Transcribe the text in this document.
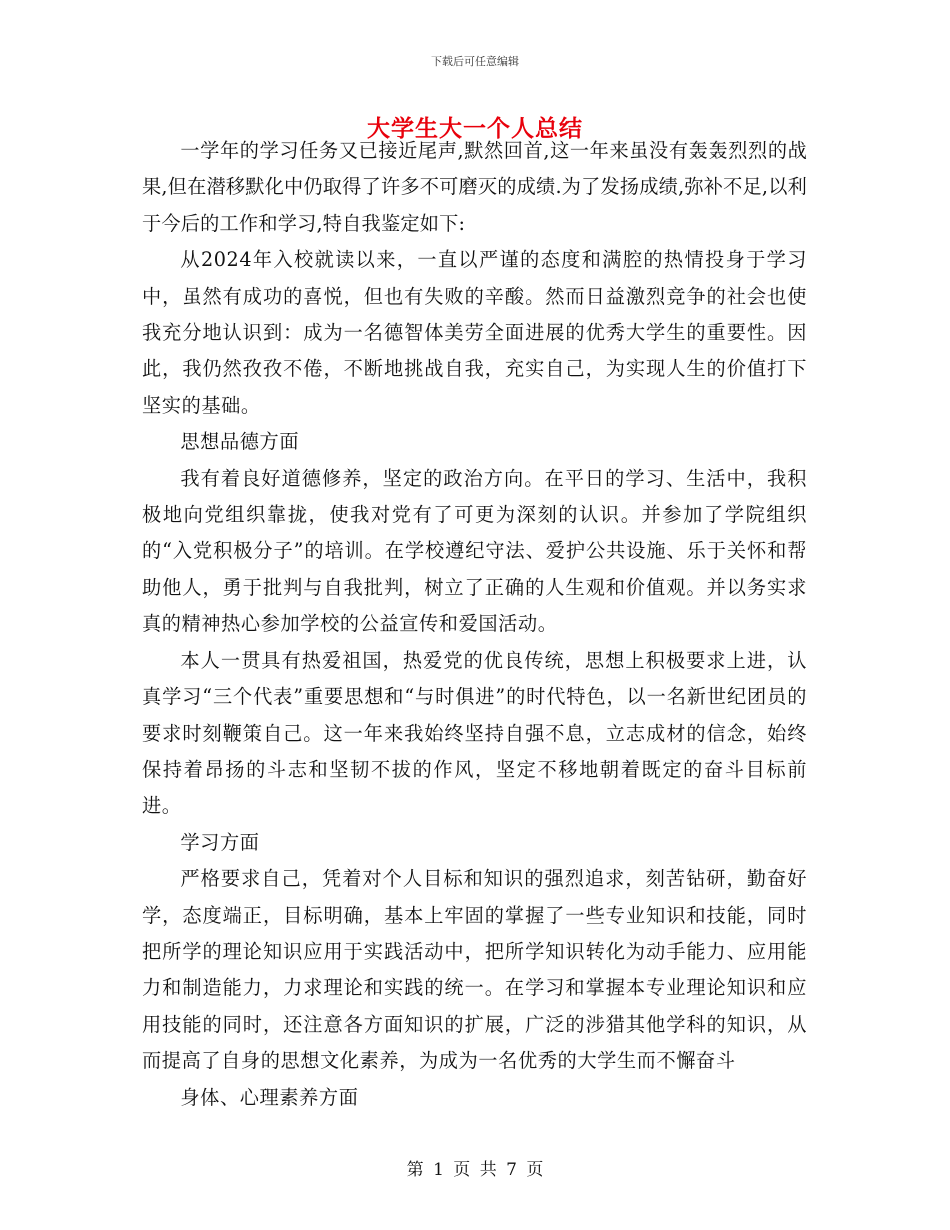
下载后可任意编辑
大学生大一个人总结

一学年的学习任务又已接近尾声,默然回首,这一年来虽没有轰轰烈烈的战果,但在潜移默化中仍取得了许多不可磨灭的成绩.为了发扬成绩,弥补不足,以利于今后的工作和学习,特自我鉴定如下:

从2024年入校就读以来，一直以严谨的态度和满腔的热情投身于学习中，虽然有成功的喜悦，但也有失败的辛酸。然而日益激烈竞争的社会也使我充分地认识到：成为一名德智体美劳全面进展的优秀大学生的重要性。因此，我仍然孜孜不倦，不断地挑战自我，充实自己，为实现人生的价值打下坚实的基础。

思想品德方面

我有着良好道德修养，坚定的政治方向。在平日的学习、生活中，我积极地向党组织靠拢，使我对党有了可更为深刻的认识。并参加了学院组织的“入党积极分子”的培训。在学校遵纪守法、爱护公共设施、乐于关怀和帮助他人，勇于批判与自我批判，树立了正确的人生观和价值观。并以务实求真的精神热心参加学校的公益宣传和爱国活动。

本人一贯具有热爱祖国，热爱党的优良传统，思想上积极要求上进，认真学习“三个代表”重要思想和“与时俱进”的时代特色，以一名新世纪团员的要求时刻鞭策自己。这一年来我始终坚持自强不息，立志成材的信念，始终保持着昂扬的斗志和坚韧不拔的作风，坚定不移地朝着既定的奋斗目标前进。

学习方面

严格要求自己，凭着对个人目标和知识的强烈追求，刻苦钻研，勤奋好学，态度端正，目标明确，基本上牢固的掌握了一些专业知识和技能，同时把所学的理论知识应用于实践活动中，把所学知识转化为动手能力、应用能力和制造能力，力求理论和实践的统一。在学习和掌握本专业理论知识和应用技能的同时，还注意各方面知识的扩展，广泛的涉猎其他学科的知识，从而提高了自身的思想文化素养，为成为一名优秀的大学生而不懈奋斗

身体、心理素养方面

第 1 页 共 7 页
